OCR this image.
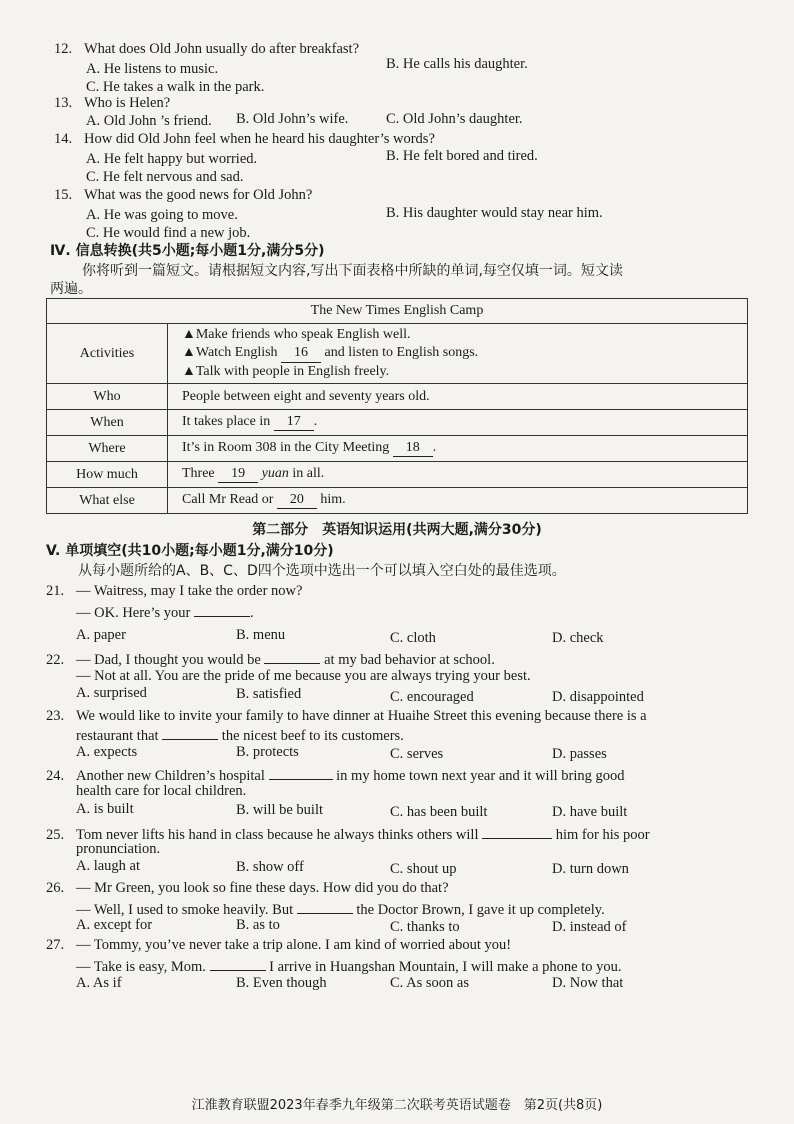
12. What does Old John usually do after breakfast?
A. He listens to music.	B. He calls his daughter.
C. He takes a walk in the park.
13. Who is Helen?
A. Old John ’s friend. B. Old John’s wife.	C. Old John’s daughter.
14. How did Old John feel when he heard his daughter’s words?
A. He felt happy but worried.	B. He felt bored and tired.
C. He felt nervous and sad.
15. What was the good news for Old John?
A. He was going to move.	B. His daughter would stay near him.
C. He would find a new job.
Ⅳ. 信息转换(共5小题;每小题1分,满分5分)
你将听到一篇短文。请根据短文内容,写出下面表格中所缺的单词,每空仅填一词。短文读
两遍。
The New Times English Camp	
Activities	▲Make friends who speak English well.
▲Watch English 16 and listen to English songs.
▲Talk with people in English freely.

Who	People between eight and seventy years old.
When	It takes place in 17 .
Where	It’s in Room 308 in the City Meeting 18 .
How much	Three 19 yuan in all.
What else	Call Mr Read or 20 him.
第二部分　英语知识运用(共两大题,满分30分)
V. 单项填空(共10小题;每小题1分,满分10分)
从每小题所给的A、B、C、D四个选项中选出一个可以填入空白处的最佳选项。
21. — Waitress, may I take the order now?
— OK. Here’s your	.
A. paper	B. menu	C. cloth	D. check
22. — Dad, I thought you would be	at my bad behavior at school.
— Not at all. You are the pride of me because you are always trying your best.
A. surprised	B. satisfied	C. encouraged	D. disappointed
23. We would like to invite your family to have dinner at Huaihe Street this evening because there is a
restaurant that	the nicest beef to its customers.
A. expects	B. protects	C. serves	D. passes
24. Another new Children’s hospital	in my home town next year and it will bring good
health care for local children.
A. is built	B. will be built	C. has been built	D. have built
25. Tom never lifts his hand in class because he always thinks others will	him for his poor
pronunciation.
A. laugh at	B. show off	C. shout up	D. turn down
26. — Mr Green, you look so fine these days. How did you do that?
— Well, I used to smoke heavily. But	the Doctor Brown, I gave it up completely.
A. except for	B. as to	C. thanks to	D. instead of
27. — Tommy, you’ve never take a trip alone. I am kind of worried about you!
— Take is easy, Mom.	I arrive in Huangshan Mountain, I will make a phone to you.
A. As if	B. Even though	C. As soon as	D. Now that
江淮教育联盟2023年春季九年级第二次联考英语试题卷　第2页(共8页)
